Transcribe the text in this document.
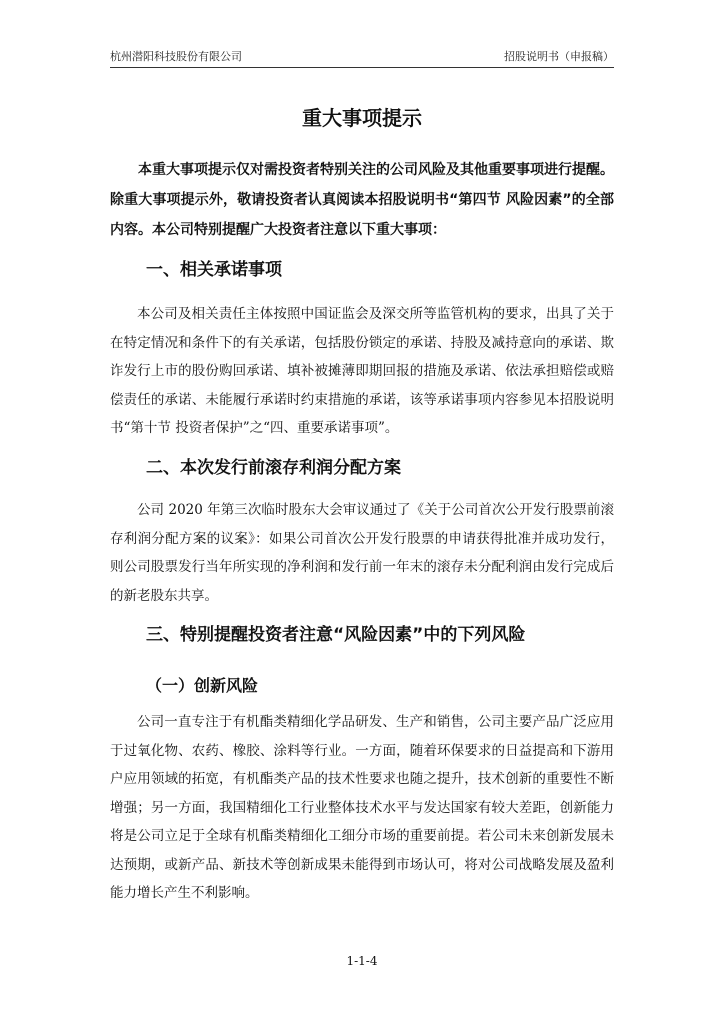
杭州潜阳科技股份有限公司	招股说明书（申报稿）
重大事项提示

本重大事项提示仅对需投资者特别关注的公司风险及其他重要事项进行提醒。除重大事项提示外，敬请投资者认真阅读本招股说明书“第四节 风险因素”的全部内容。本公司特别提醒广大投资者注意以下重大事项：

一、相关承诺事项

本公司及相关责任主体按照中国证监会及深交所等监管机构的要求，出具了关于在特定情况和条件下的有关承诺，包括股份锁定的承诺、持股及减持意向的承诺、欺诈发行上市的股份购回承诺、填补被摊薄即期回报的措施及承诺、依法承担赔偿或赔偿责任的承诺、未能履行承诺时约束措施的承诺，该等承诺事项内容参见本招股说明书“第十节 投资者保护”之“四、重要承诺事项”。

二、本次发行前滚存利润分配方案

公司 2020 年第三次临时股东大会审议通过了《关于公司首次公开发行股票前滚存利润分配方案的议案》：如果公司首次公开发行股票的申请获得批准并成功发行，则公司股票发行当年所实现的净利润和发行前一年末的滚存未分配利润由发行完成后的新老股东共享。

三、特别提醒投资者注意“风险因素”中的下列风险
（一）创新风险

公司一直专注于有机酯类精细化学品研发、生产和销售，公司主要产品广泛应用于过氧化物、农药、橡胶、涂料等行业。一方面，随着环保要求的日益提高和下游用户应用领域的拓宽，有机酯类产品的技术性要求也随之提升，技术创新的重要性不断增强；另一方面，我国精细化工行业整体技术水平与发达国家有较大差距，创新能力将是公司立足于全球有机酯类精细化工细分市场的重要前提。若公司未来创新发展未达预期，或新产品、新技术等创新成果未能得到市场认可，将对公司战略发展及盈利能力增长产生不利影响。

1-1-4
